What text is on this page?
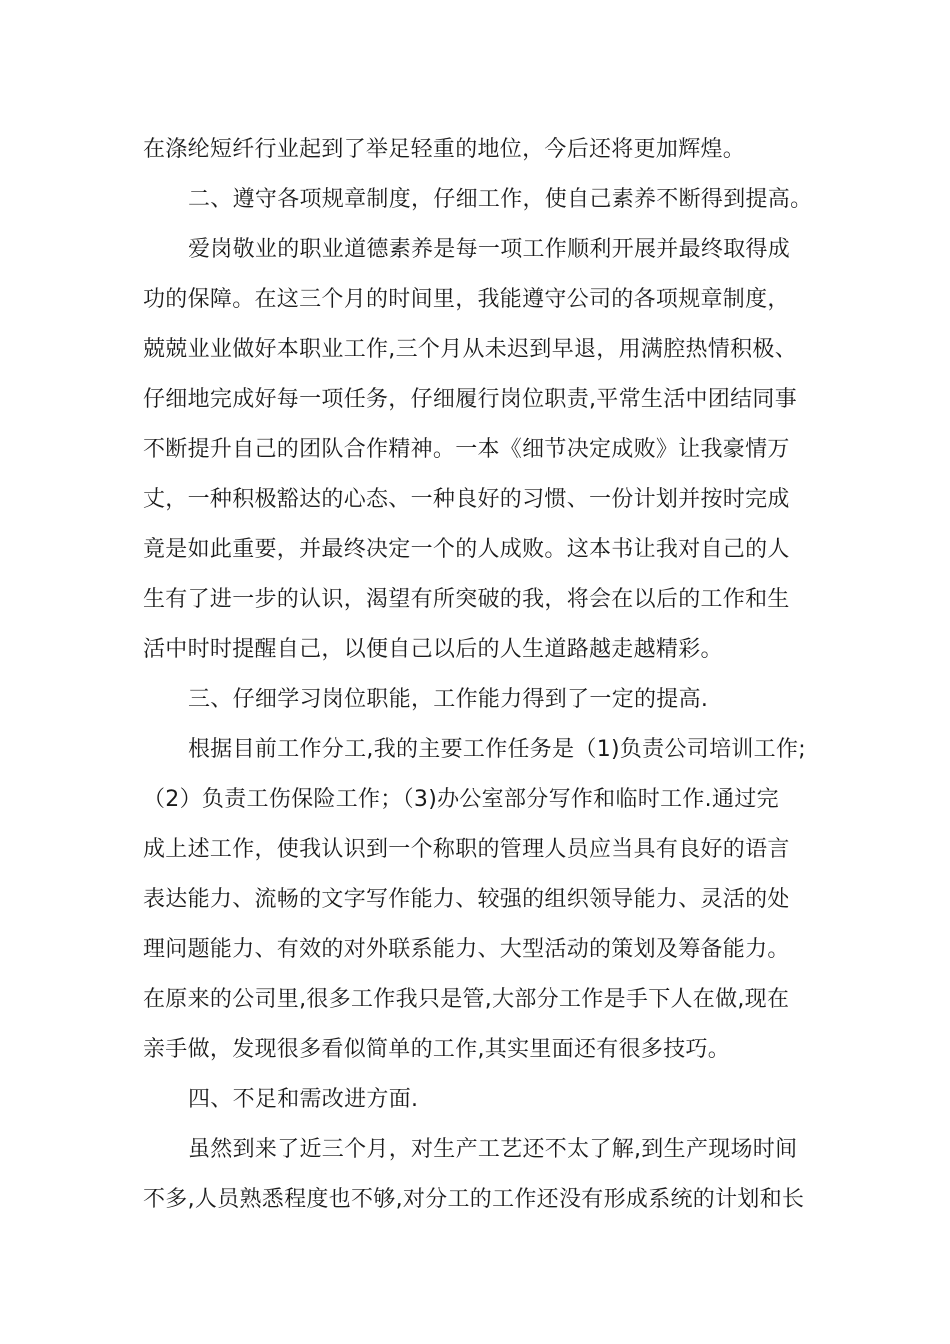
在涤纶短纤行业起到了举足轻重的地位，今后还将更加辉煌。
二、遵守各项规章制度，仔细工作，使自己素养不断得到提高。
爱岗敬业的职业道德素养是每一项工作顺利开展并最终取得成
功的保障。在这三个月的时间里，我能遵守公司的各项规章制度，
兢兢业业做好本职业工作,三个月从未迟到早退，用满腔热情积极、
仔细地完成好每一项任务，仔细履行岗位职责,平常生活中团结同事
不断提升自己的团队合作精神。一本《细节决定成败》让我豪情万
丈，一种积极豁达的心态、一种良好的习惯、一份计划并按时完成
竟是如此重要，并最终决定一个的人成败。这本书让我对自己的人
生有了进一步的认识，渴望有所突破的我，将会在以后的工作和生
活中时时提醒自己，以便自己以后的人生道路越走越精彩。
三、仔细学习岗位职能，工作能力得到了一定的提高.
根据目前工作分工,我的主要工作任务是（1)负责公司培训工作;
（2）负责工伤保险工作；（3)办公室部分写作和临时工作.通过完
成上述工作，使我认识到一个称职的管理人员应当具有良好的语言
表达能力、流畅的文字写作能力、较强的组织领导能力、灵活的处
理问题能力、有效的对外联系能力、大型活动的策划及筹备能力。
在原来的公司里,很多工作我只是管,大部分工作是手下人在做,现在
亲手做，发现很多看似简单的工作,其实里面还有很多技巧。
四、不足和需改进方面.
虽然到来了近三个月，对生产工艺还不太了解,到生产现场时间
不多,人员熟悉程度也不够,对分工的工作还没有形成系统的计划和长
